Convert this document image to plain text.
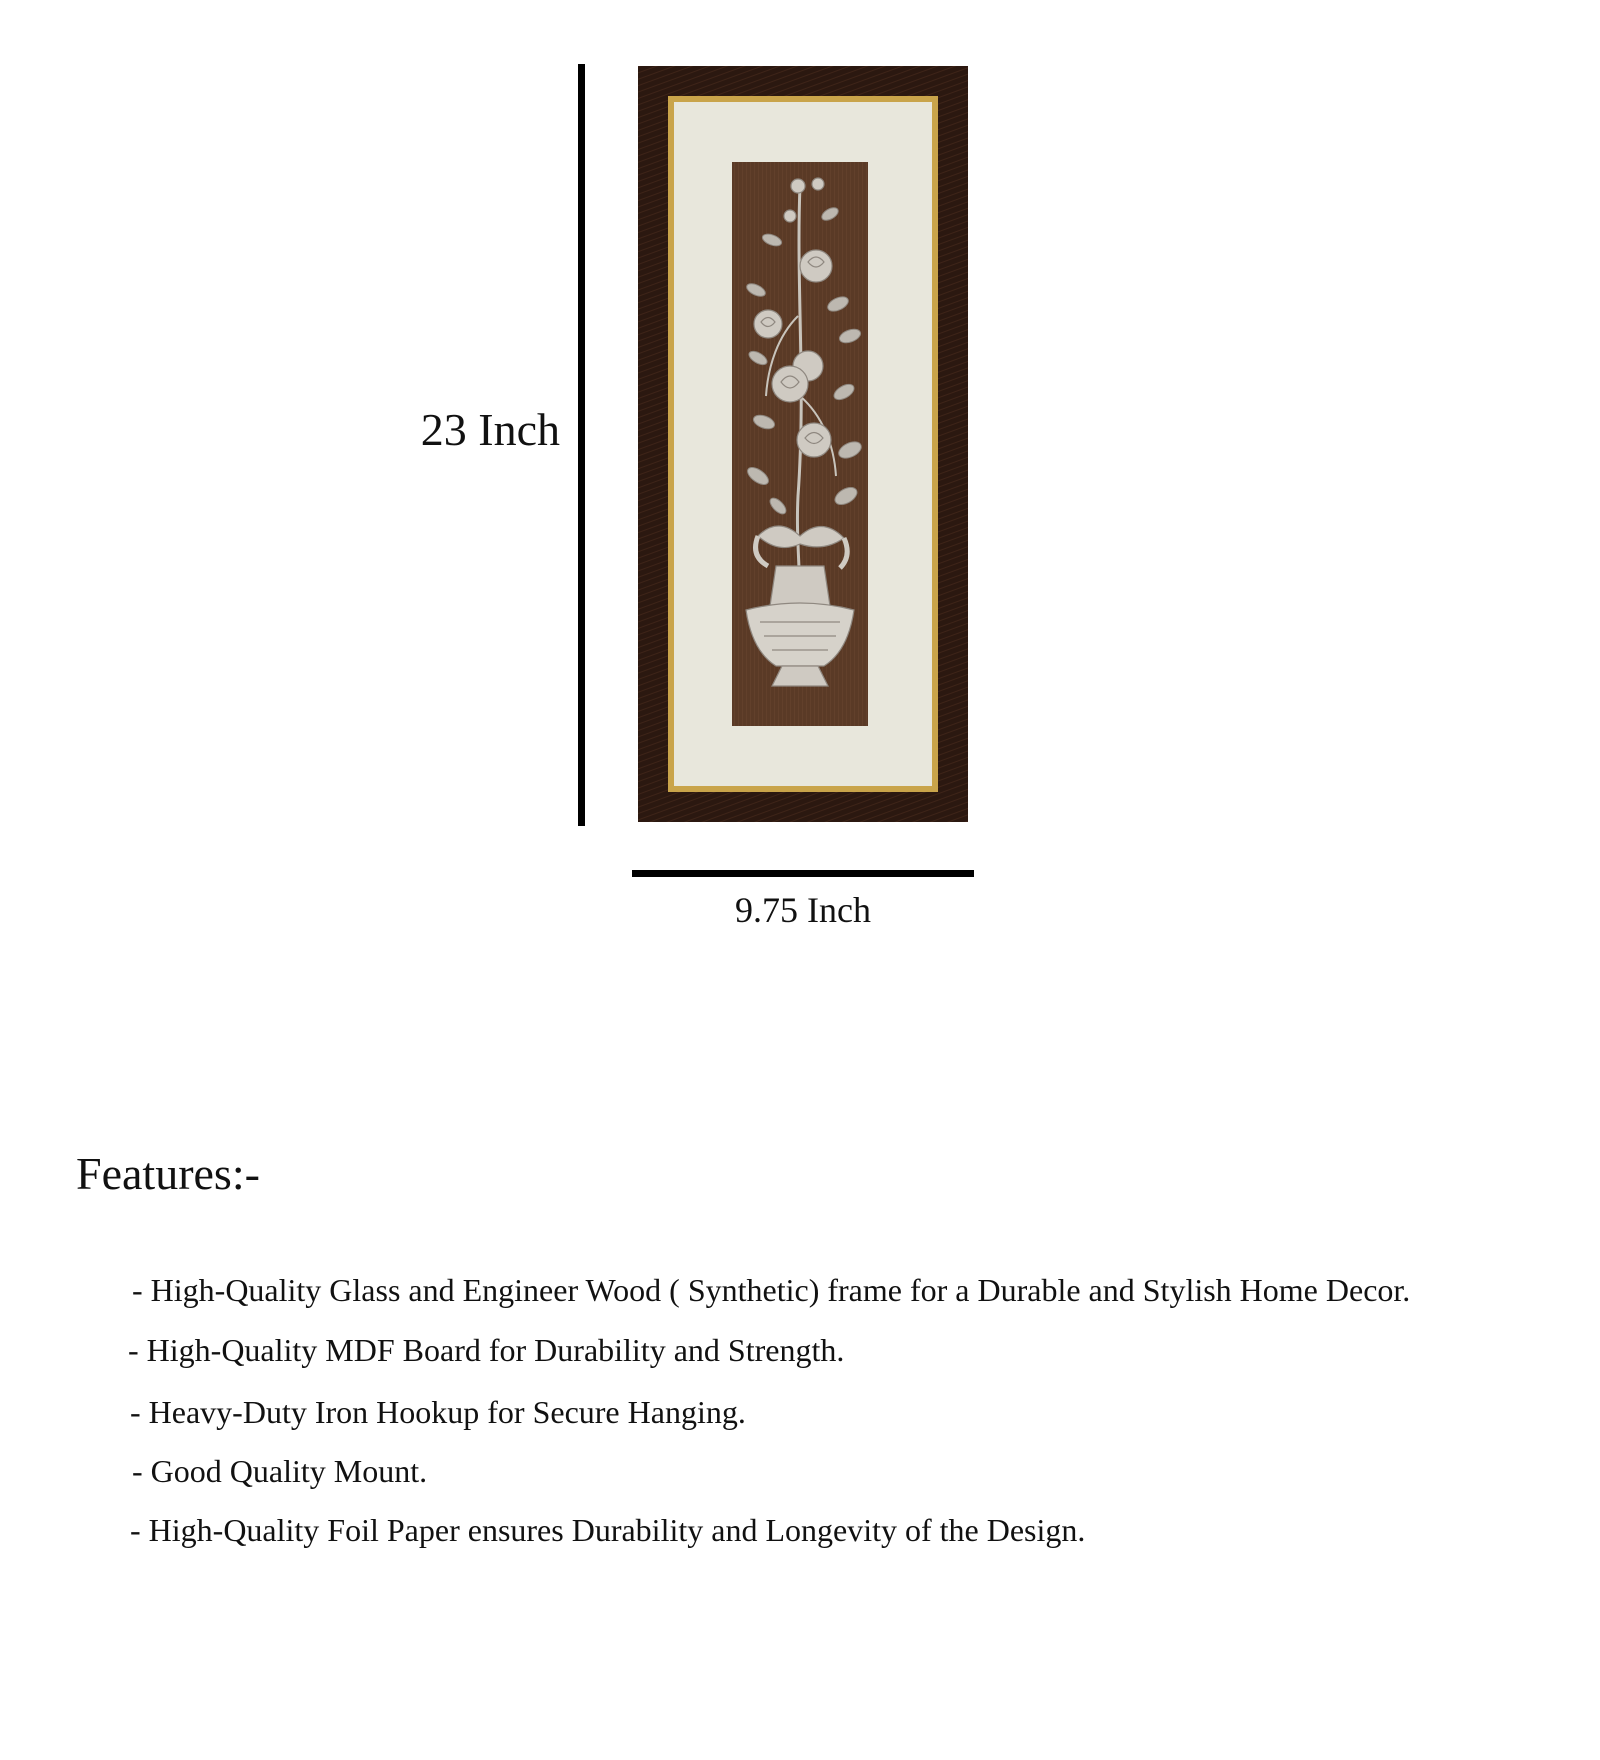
23 Inch
9.75 Inch
Features:-
- High-Quality Glass and Engineer Wood ( Synthetic) frame for a Durable and Stylish Home Decor.
- High-Quality MDF Board for Durability and Strength.
- Heavy-Duty Iron Hookup for Secure Hanging.
- Good Quality Mount.
- High-Quality Foil Paper ensures Durability and Longevity of the Design.
